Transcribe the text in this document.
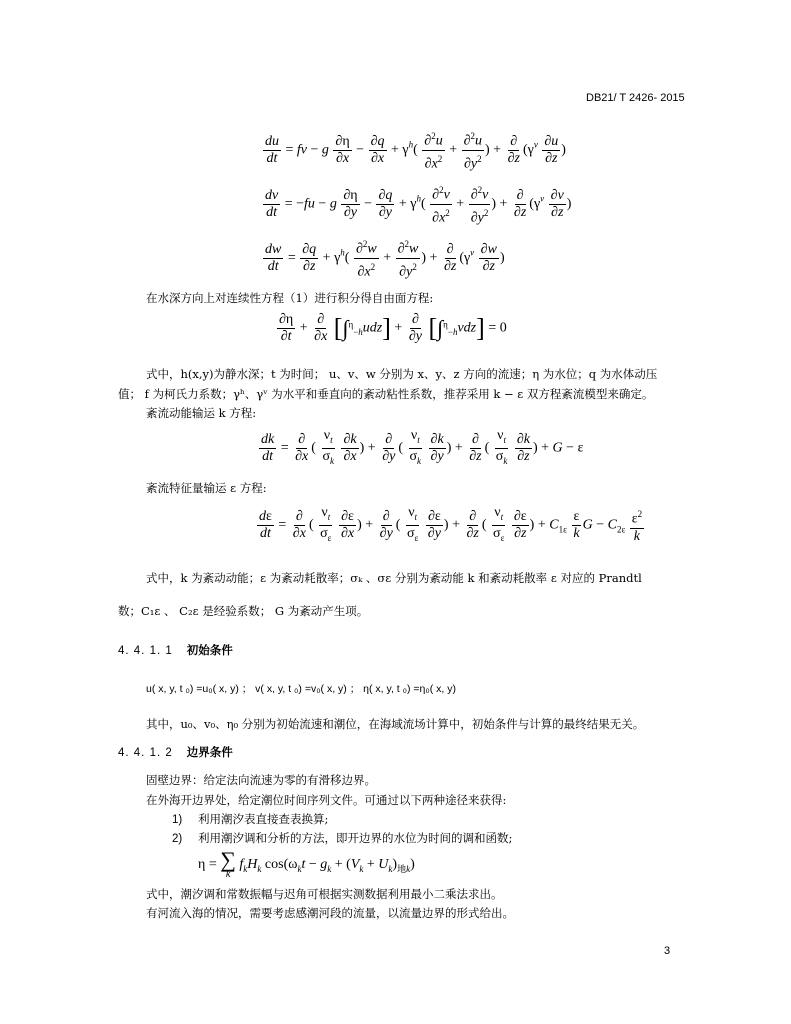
DB21/ T 2426- 2015
$\frac{du}{dt}$ = fv − g $\frac{\partial\eta}{\partial x} - \frac{\partial q}{\partial x} + \gamma^h( \frac{\partial^2u}{\partial x^2} + \frac{\partial^2u}{\partial y^2}$ ) + $\frac{\partial}{\partial z} (\gamma^v \frac{\partial u}{\partial z}$ )
$\frac{dv}{dt} = -fu - g \frac{\partial\eta}{\partial y} - \frac{\partial q}{\partial y} + \gamma^h( \frac{\partial^2v}{\partial x^2} + \frac{\partial^2v}{\partial y^2}$ ) + $\frac{\partial}{\partial z} (\gamma^v \frac{\partial v}{\partial z}$ )
$\frac{dw}{dt} = \frac{\partial q}{\partial z} + \gamma^h( \frac{\partial^2w}{\partial x^2} + \frac{\partial^2w}{\partial y^2}$ ) + $\frac{\partial}{\partial z} (\gamma^v \frac{\partial w}{\partial z}$ )
在水深方向上对连续性方程（1）进行积分得自由面方程:
$\frac{\partial\eta}{\partial t} + \frac{\partial}{\partial x} [\int^\eta_{-h}udz] + \frac{\partial}{\partial y} [\int^\eta_{-h}vdz] = 0$
式中，h(x,y)为静水深；t 为时间； u、v、w 分别为 x、y、z 方向的流速；η 为水位；q 为水体动压
值； f 为柯氏力系数；γʰ、γᵛ 为水平和垂直向的紊动粘性系数，推荐采用 k − ε 双方程紊流模型来确定。
紊流动能输运 k 方程:
$\frac{dk}{dt} = \frac{\partial}{\partial x}$ ( $\frac{\nu_t}{\sigma_k}$
$\frac{\partial k}{\partial x}$ ) + $\frac{\partial}{\partial y}$ ( $\frac{\nu_t}{\sigma_k}$
$\frac{\partial k}{\partial y}$ ) + $\frac{\partial}{\partial z}$ ( $\frac{\nu_t}{\sigma_k}$
$\frac{\partial k}{\partial z}$ ) + G − ε
紊流特征量输运 ε 方程:
$\frac{d\varepsilon}{dt} = \frac{\partial}{\partial x}$ ( $\frac{\nu_t}{\sigma_\varepsilon}$
$\frac{\partial\varepsilon}{\partial x}$ ) + $\frac{\partial}{\partial y}$ ( $\frac{\nu_t}{\sigma_\varepsilon}$
$\frac{\partial\varepsilon}{\partial y}$ ) + $\frac{\partial}{\partial z}$ ( $\frac{\nu_t}{\sigma_\varepsilon}$
$\frac{\partial\varepsilon}{\partial z}$ ) + $C_{1\varepsilon} \frac{\varepsilon}{k}$ $G - C_{2\varepsilon} \frac{\varepsilon^2}{k}$
式中，k 为紊动动能；ε 为紊动耗散率；σₖ 、σε 分别为紊动能 k 和紊动耗散率 ε 对应的 Prandtl
数；C₁ε 、 C₂ε 是经验系数； G 为紊动产生项。
4. 4. 1. 1 初始条件
u( x, y, t ₀) =u₀( x, y) ； v( x, y, t ₀) =v₀( x, y) ； η( x, y, t ₀) =η₀( x, y)
其中，u₀、v₀、η₀ 分别为初始流速和潮位，在海域流场计算中，初始条件与计算的最终结果无关。
4. 4. 1. 2 边界条件
固壁边界：给定法向流速为零的有滑移边界。
在外海开边界处，给定潮位时间序列文件。可通过以下两种途径来获得:
1) 利用潮汐表直接查表换算;
2) 利用潮汐调和分析的方法，即开边界的水位为时间的调和函数;
η = ∑
k
$f_kH_k$ $\cos(\omega_kt - g_k + (V_k + U_k)_{地k})$
式中，潮汐调和常数振幅与迟角可根据实测数据利用最小二乘法求出。
有河流入海的情况，需要考虑感潮河段的流量，以流量边界的形式给出。
3
